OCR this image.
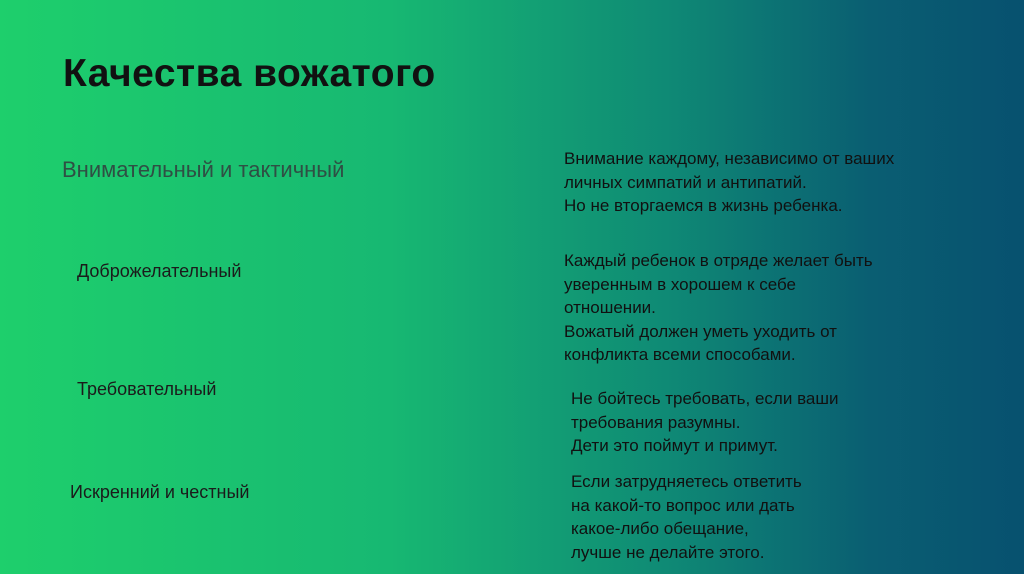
Качества вожатого
Внимательный и тактичный	Внимание каждому, независимо от ваших
личных симпатий и антипатий.
Но не вторгаемся в жизнь ребенка.
Доброжелательный
Каждый ребенок в отряде желает быть
уверенным в хорошем к себе
отношении.
Вожатый должен уметь уходить от
конфликта всеми способами.
Требовательный	Не бойтесь требовать, если ваши
требования разумны.
Дети это поймут и примут.
Искренний и честный
Если затрудняетесь ответить
на какой-то вопрос или дать
какое-либо обещание,
лучше не делайте этого.
